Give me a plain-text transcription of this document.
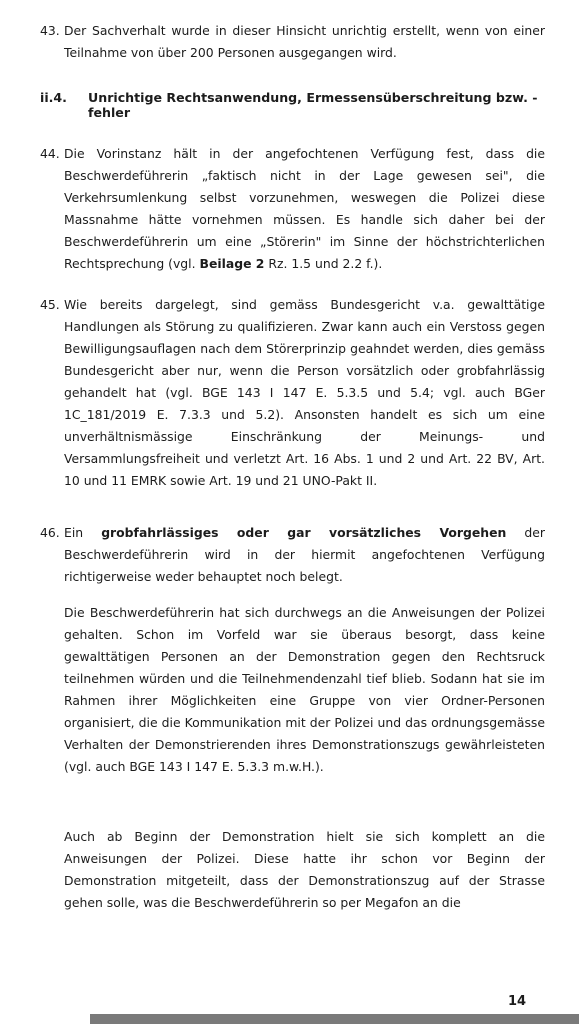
43. Der Sachverhalt wurde in dieser Hinsicht unrichtig erstellt, wenn von einer Teilnahme von über 200 Personen ausgegangen wird.
ii.4. Unrichtige Rechtsanwendung, Ermessensüberschreitung bzw. -fehler
44. Die Vorinstanz hält in der angefochtenen Verfügung fest, dass die Beschwerdeführerin „faktisch nicht in der Lage gewesen sei", die Verkehrsumlenkung selbst vorzunehmen, weswegen die Polizei diese Massnahme hätte vornehmen müssen. Es handle sich daher bei der Beschwerdeführerin um eine „Störerin" im Sinne der höchstrichterlichen Rechtsprechung (vgl. Beilage 2 Rz. 1.5 und 2.2 f.).
45. Wie bereits dargelegt, sind gemäss Bundesgericht v.a. gewalttätige Handlungen als Störung zu qualifizieren. Zwar kann auch ein Verstoss gegen Bewilligungsauflagen nach dem Störerprinzip geahndet werden, dies gemäss Bundesgericht aber nur, wenn die Person vorsätzlich oder grobfahrlässig gehandelt hat (vgl. BGE 143 I 147 E. 5.3.5 und 5.4; vgl. auch BGer 1C_181/2019 E. 7.3.3 und 5.2). Ansonsten handelt es sich um eine unverhältnismässige Einschränkung der Meinungs- und Versammlungsfreiheit und verletzt Art. 16 Abs. 1 und 2 und Art. 22 BV, Art. 10 und 11 EMRK sowie Art. 19 und 21 UNO-Pakt II.
46. Ein grobfahrlässiges oder gar vorsätzliches Vorgehen der Beschwerdeführerin wird in der hiermit angefochtenen Verfügung richtigerweise weder behauptet noch belegt.
Die Beschwerdeführerin hat sich durchwegs an die Anweisungen der Polizei gehalten. Schon im Vorfeld war sie überaus besorgt, dass keine gewalttätigen Personen an der Demonstration gegen den Rechtsruck teilnehmen würden und die Teilnehmendenzahl tief blieb. Sodann hat sie im Rahmen ihrer Möglichkeiten eine Gruppe von vier Ordner-Personen organisiert, die die Kommunikation mit der Polizei und das ordnungsgemässe Verhalten der Demonstrierenden ihres Demonstrationszugs gewährleisteten (vgl. auch BGE 143 I 147 E. 5.3.3 m.w.H.).
Auch ab Beginn der Demonstration hielt sie sich komplett an die Anweisungen der Polizei. Diese hatte ihr schon vor Beginn der Demonstration mitgeteilt, dass der Demonstrationszug auf der Strasse gehen solle, was die Beschwerdeführerin so per Megafon an die
14
